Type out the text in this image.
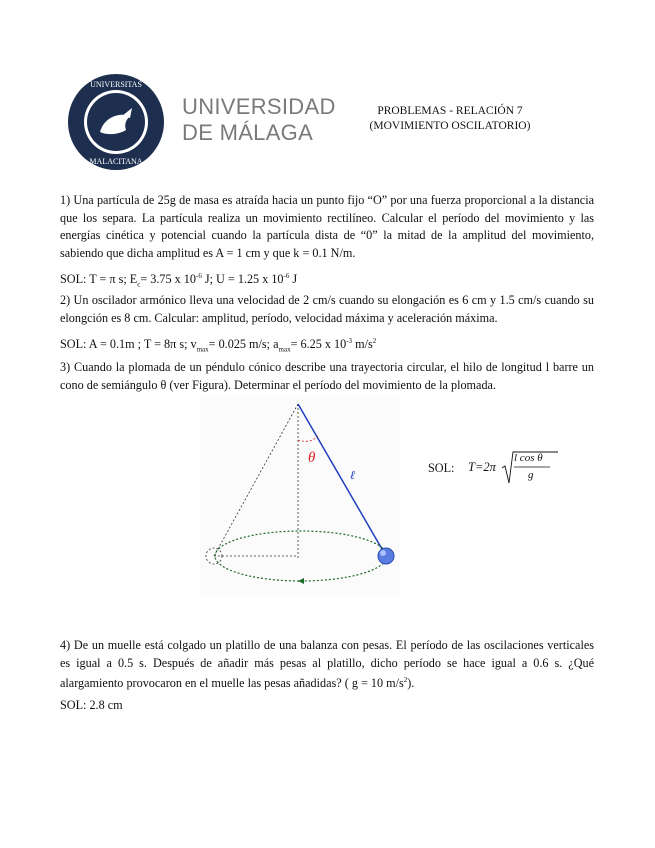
UNIVERSITAS
MALACITANA
UNIVERSIDAD
DE MÁLAGA
PROBLEMAS - RELACIÓN 7
(MOVIMIENTO OSCILATORIO)
1) Una partícula de 25g de masa es atraída hacia un punto fijo “O” por una fuerza proporcional a la distancia que los separa. La partícula realiza un movimiento rectilíneo. Calcular el período del movimiento y las energías cinética y potencial cuando la partícula dista de “0” la mitad de la amplitud del movimiento, sabiendo que dicha amplitud es A = 1 cm y que k = 0.1 N/m.
SOL: T = π s; $E_c= 3.75$ x $10^{-6}$ J; U = 1.25 x $10^{-6}$ J
2) Un oscilador armónico lleva una velocidad de 2 cm/s cuando su elongación es 6 cm y 1.5 cm/s cuando su elongción es 8 cm. Calcular: amplitud, período, velocidad máxima y aceleración máxima.
SOL: A = 0.1m ; T = 8π s; $v_{max}= 0.025$ m/s; $a_{max}= 6.25$ x $10^{-3}$ $m/s^2$
3) Cuando la plomada de un péndulo cónico describe una trayectoria circular, el hilo de longitud l barre un cono de semiángulo θ (ver Figura). Determinar el período del movimiento de la plomada.
θ
ℓ	SOL: T=2π
l cos θ
g
4) De un muelle está colgado un platillo de una balanza con pesas. El período de las oscilaciones verticales es igual a 0.5 s. Después de añadir más pesas al platillo, dicho período se hace igual a 0.6 s. ¿Qué alargamiento provocaron en el muelle las pesas añadidas? ( g = 10 $m/s^2$).
SOL: 2.8 cm
